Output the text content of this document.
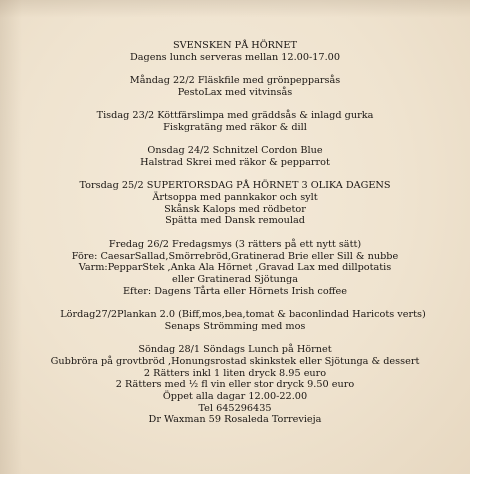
SVENSKEN PÅ HÖRNET
Dagens lunch serveras mellan 12.00-17.00
Måndag 22/2 Fläskfile med grönpepparsås
PestoLax med vitvinsås
Tisdag 23/2 Köttfärslimpa med gräddsås & inlagd gurka
Fiskgratäng med räkor & dill
Onsdag 24/2 Schnitzel Cordon Blue
Halstrad Skrei med räkor & pepparrot
Torsdag 25/2 SUPERTORSDAG PÅ HÖRNET 3 OLIKA DAGENS
Ärtsoppa med pannkakor och sylt
Skånsk Kalops med rödbetor
Spätta med Dansk remoulad
Fredag 26/2 Fredagsmys (3 rätters på ett nytt sätt)
Före: CaesarSallad,Smörrebröd,Gratinerad Brie eller Sill & nubbe
Varm:PepparStek ,Anka Ala Hörnet ,Gravad Lax med dillpotatis
eller Gratinerad Sjötunga
Efter: Dagens Tårta eller Hörnets Irish coffee
Lördag27/2Plankan 2.0 (Biff,mos,bea,tomat & baconlindad Haricots verts)
Senaps Strömming med mos
Söndag 28/1 Söndags Lunch på Hörnet
Gubbröra på grovtbröd ,Honungsrostad skinkstek eller Sjötunga & dessert
2 Rätters inkl 1 liten dryck 8.95 euro
2 Rätters med ½ fl vin eller stor dryck 9.50 euro
Öppet alla dagar 12.00-22.00
Tel 645296435
Dr Waxman 59 Rosaleda Torrevieja
